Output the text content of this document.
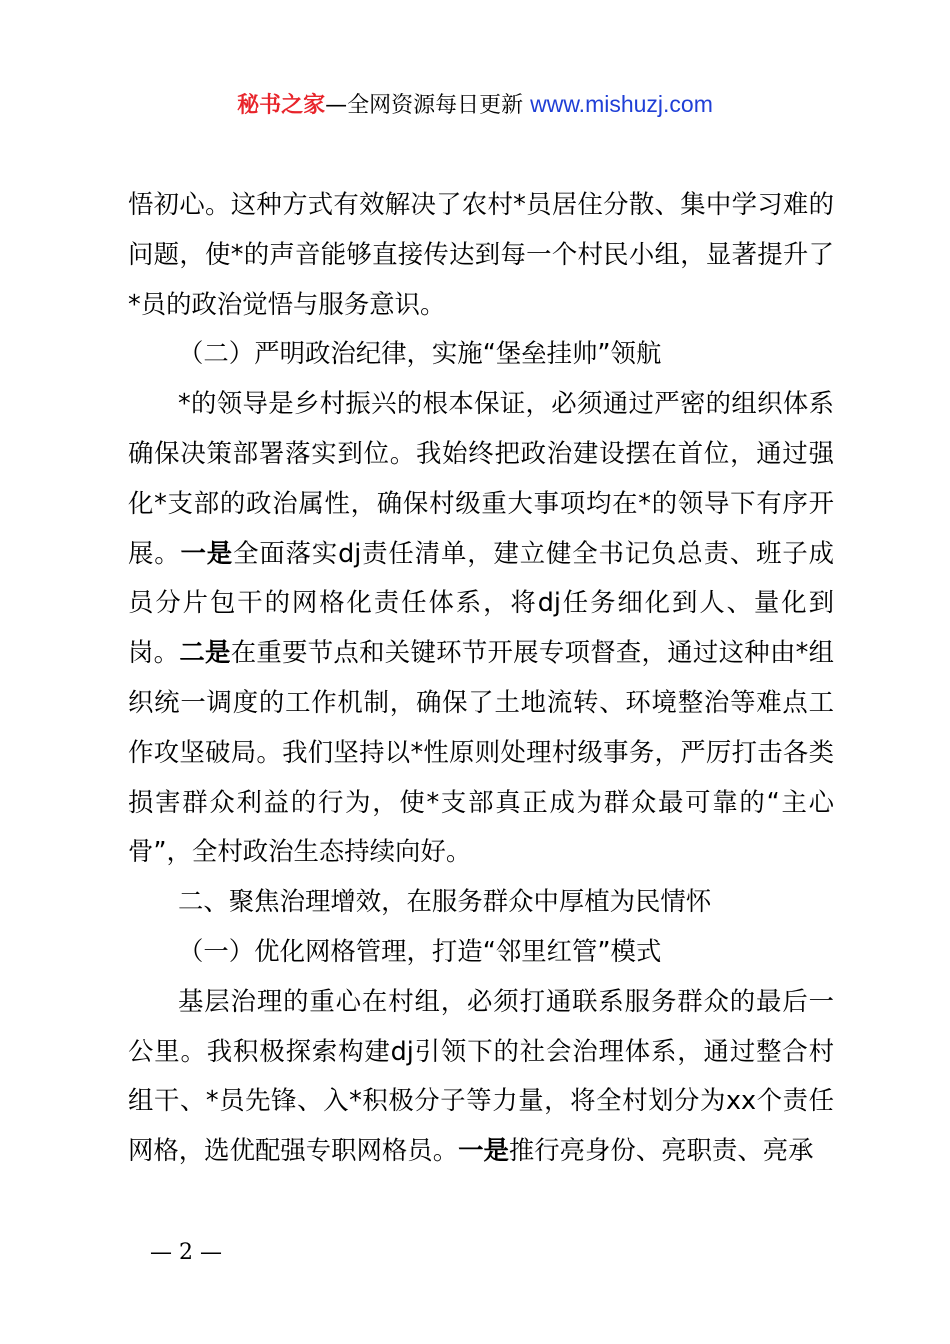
秘书之家—全网资源每日更新 www.mishuzj.com

悟初心。这种方式有效解决了农村*员居住分散、集中学习难的问题，使*的声音能够直接传达到每一个村民小组，显著提升了*员的政治觉悟与服务意识。

（二）严明政治纪律，实施“堡垒挂帅”领航

*的领导是乡村振兴的根本保证，必须通过严密的组织体系确保决策部署落实到位。我始终把政治建设摆在首位，通过强化*支部的政治属性，确保村级重大事项均在*的领导下有序开展。一是全面落实dj责任清单，建立健全书记负总责、班子成员分片包干的网格化责任体系，将dj任务细化到人、量化到岗。二是在重要节点和关键环节开展专项督查，通过这种由*组织统一调度的工作机制，确保了土地流转、环境整治等难点工作攻坚破局。我们坚持以*性原则处理村级事务，严厉打击各类损害群众利益的行为，使*支部真正成为群众最可靠的“主心骨”，全村政治生态持续向好。

二、聚焦治理增效，在服务群众中厚植为民情怀

（一）优化网格管理，打造“邻里红管”模式

基层治理的重心在村组，必须打通联系服务群众的最后一公里。我积极探索构建dj引领下的社会治理体系，通过整合村组干、*员先锋、入*积极分子等力量，将全村划分为xx个责任网格，选优配强专职网格员。一是推行亮身份、亮职责、亮承

— 2 —
